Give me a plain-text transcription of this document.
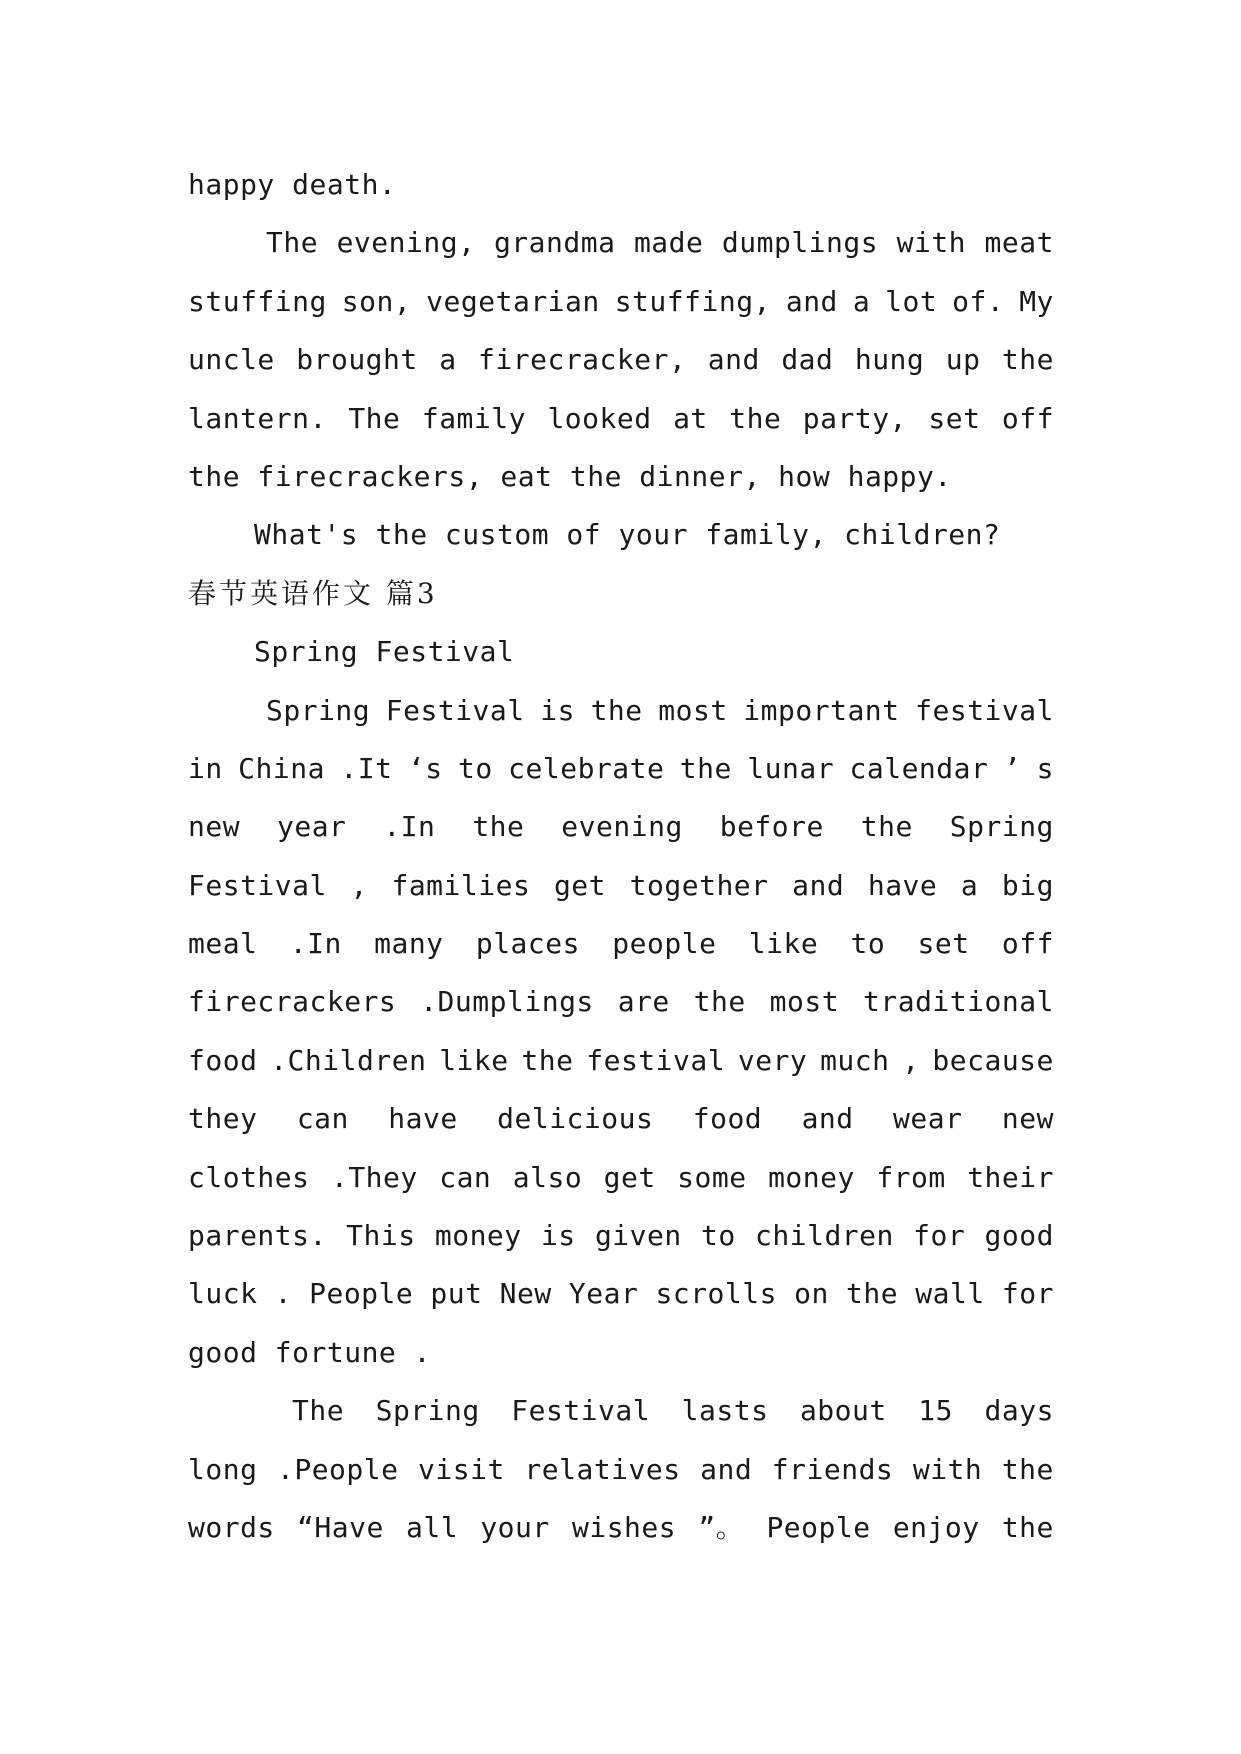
happy death.
The evening, grandma made dumplings with meat
stuffing son, vegetarian stuffing, and a lot of. My
uncle brought a firecracker, and dad hung up the
lantern. The family looked at the party, set off
the firecrackers, eat the dinner, how happy.
What's the custom of your family, children?
春节英语作文 篇3
Spring Festival
Spring Festival is the most important festival
in China .It ‘s to celebrate the lunar calendar ’ s
new year .In the evening before the Spring
Festival , families get together and have a big
meal .In many places people like to set off
firecrackers .Dumplings are the most traditional
food .Children like the festival very much , because
they can have delicious food and wear new
clothes .They can also get some money from their
parents. This money is given to children for good
luck . People put New Year scrolls on the wall for
good fortune .
The Spring Festival lasts about 15 days
long .People visit relatives and friends with the
words “Have all your wishes ”。 People enjoy the
